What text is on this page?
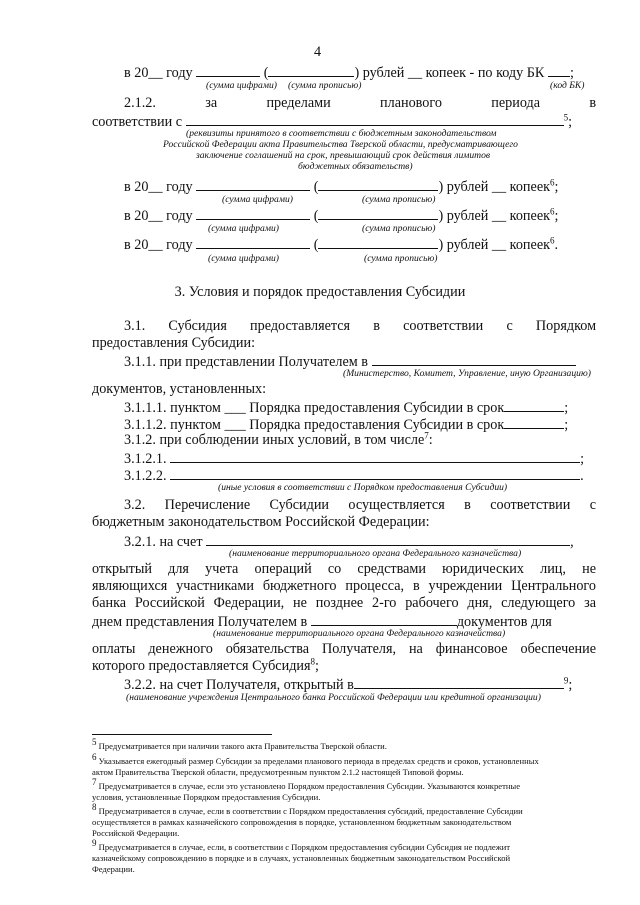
4
в 20__ году	(	) рублей __ копеек - по коду БК ;
(сумма цифрами) (сумма прописью)	(код БК)
2.1.2. за	пределами	планового	периода	в
соответствии с	$^5$;
(реквизиты принятого в соответствии с бюджетным законодательством
Российской Федерации акта Правительства Тверской области, предусматривающего
заключение соглашений на срок, превышающий срок действия лимитов
бюджетных обязательств)
в 20__ году	(	) рублей __ копеек$^6$;
(сумма цифрами)	(сумма прописью)
в 20__ году	(	) рублей __ копеек$^6$;
(сумма цифрами)	(сумма прописью)
в 20__ году	(	) рублей __ копеек$^6$.
(сумма цифрами)	(сумма прописью)
3. Условия и порядок предоставления Субсидии
3.1. Субсидия предоставляется в соответствии с Порядком
предоставления Субсидии:
3.1.1. при представлении Получателем в
(Министерство, Комитет, Управление, иную Организацию)
документов, установленных:
3.1.1.1. пунктом ___ Порядка предоставления Субсидии в срок	;
3.1.1.2. пунктом ___ Порядка предоставления Субсидии в срок	;
3.1.2. при соблюдении иных условий, в том числе$^7$:
3.1.2.1.	;
3.1.2.2.	.
(иные условия в соответствии с Порядком предоставления Субсидии)
3.2. Перечисление Субсидии осуществляется в соответствии с
бюджетным законодательством Российской Федерации:
3.2.1. на счет	,
(наименование территориального органа Федерального казначейства)
открытый для учета операций со средствами юридических лиц, не
являющихся участниками бюджетного процесса, в учреждении Центрального
банка Российской Федерации, не позднее 2-го рабочего дня, следующего за
днем представления Получателем в	документов для
(наименование территориального органа Федерального казначейства)
оплаты денежного обязательства Получателя, на финансовое обеспечение
которого предоставляется Субсидия$^8$;
3.2.2. на счет Получателя, открытый в	$^9$;
(наименование учреждения Центрального банка Российской Федерации или кредитной организации)
$^5$ Предусматривается при наличии такого акта Правительства Тверской области.
$^6$ Указывается ежегодный размер Субсидии за пределами планового периода в пределах средств и сроков, установленных
актом Правительства Тверской области, предусмотренным пунктом 2.1.2 настоящей Типовой формы.
$^7$ Предусматривается в случае, если это установлено Порядком предоставления Субсидии. Указываются конкретные
условия, установленные Порядком предоставления Субсидии.
$^8$ Предусматривается в случае, если в соответствии с Порядком предоставления субсидий, предоставление Субсидии
осуществляется в рамках казначейского сопровождения в порядке, установленном бюджетным законодательством
Российской Федерации.
$^9$ Предусматривается в случае, если, в соответствии с Порядком предоставления субсидии Субсидия не подлежит
казначейскому сопровождению в порядке и в случаях, установленных бюджетным законодательством Российской
Федерации.
